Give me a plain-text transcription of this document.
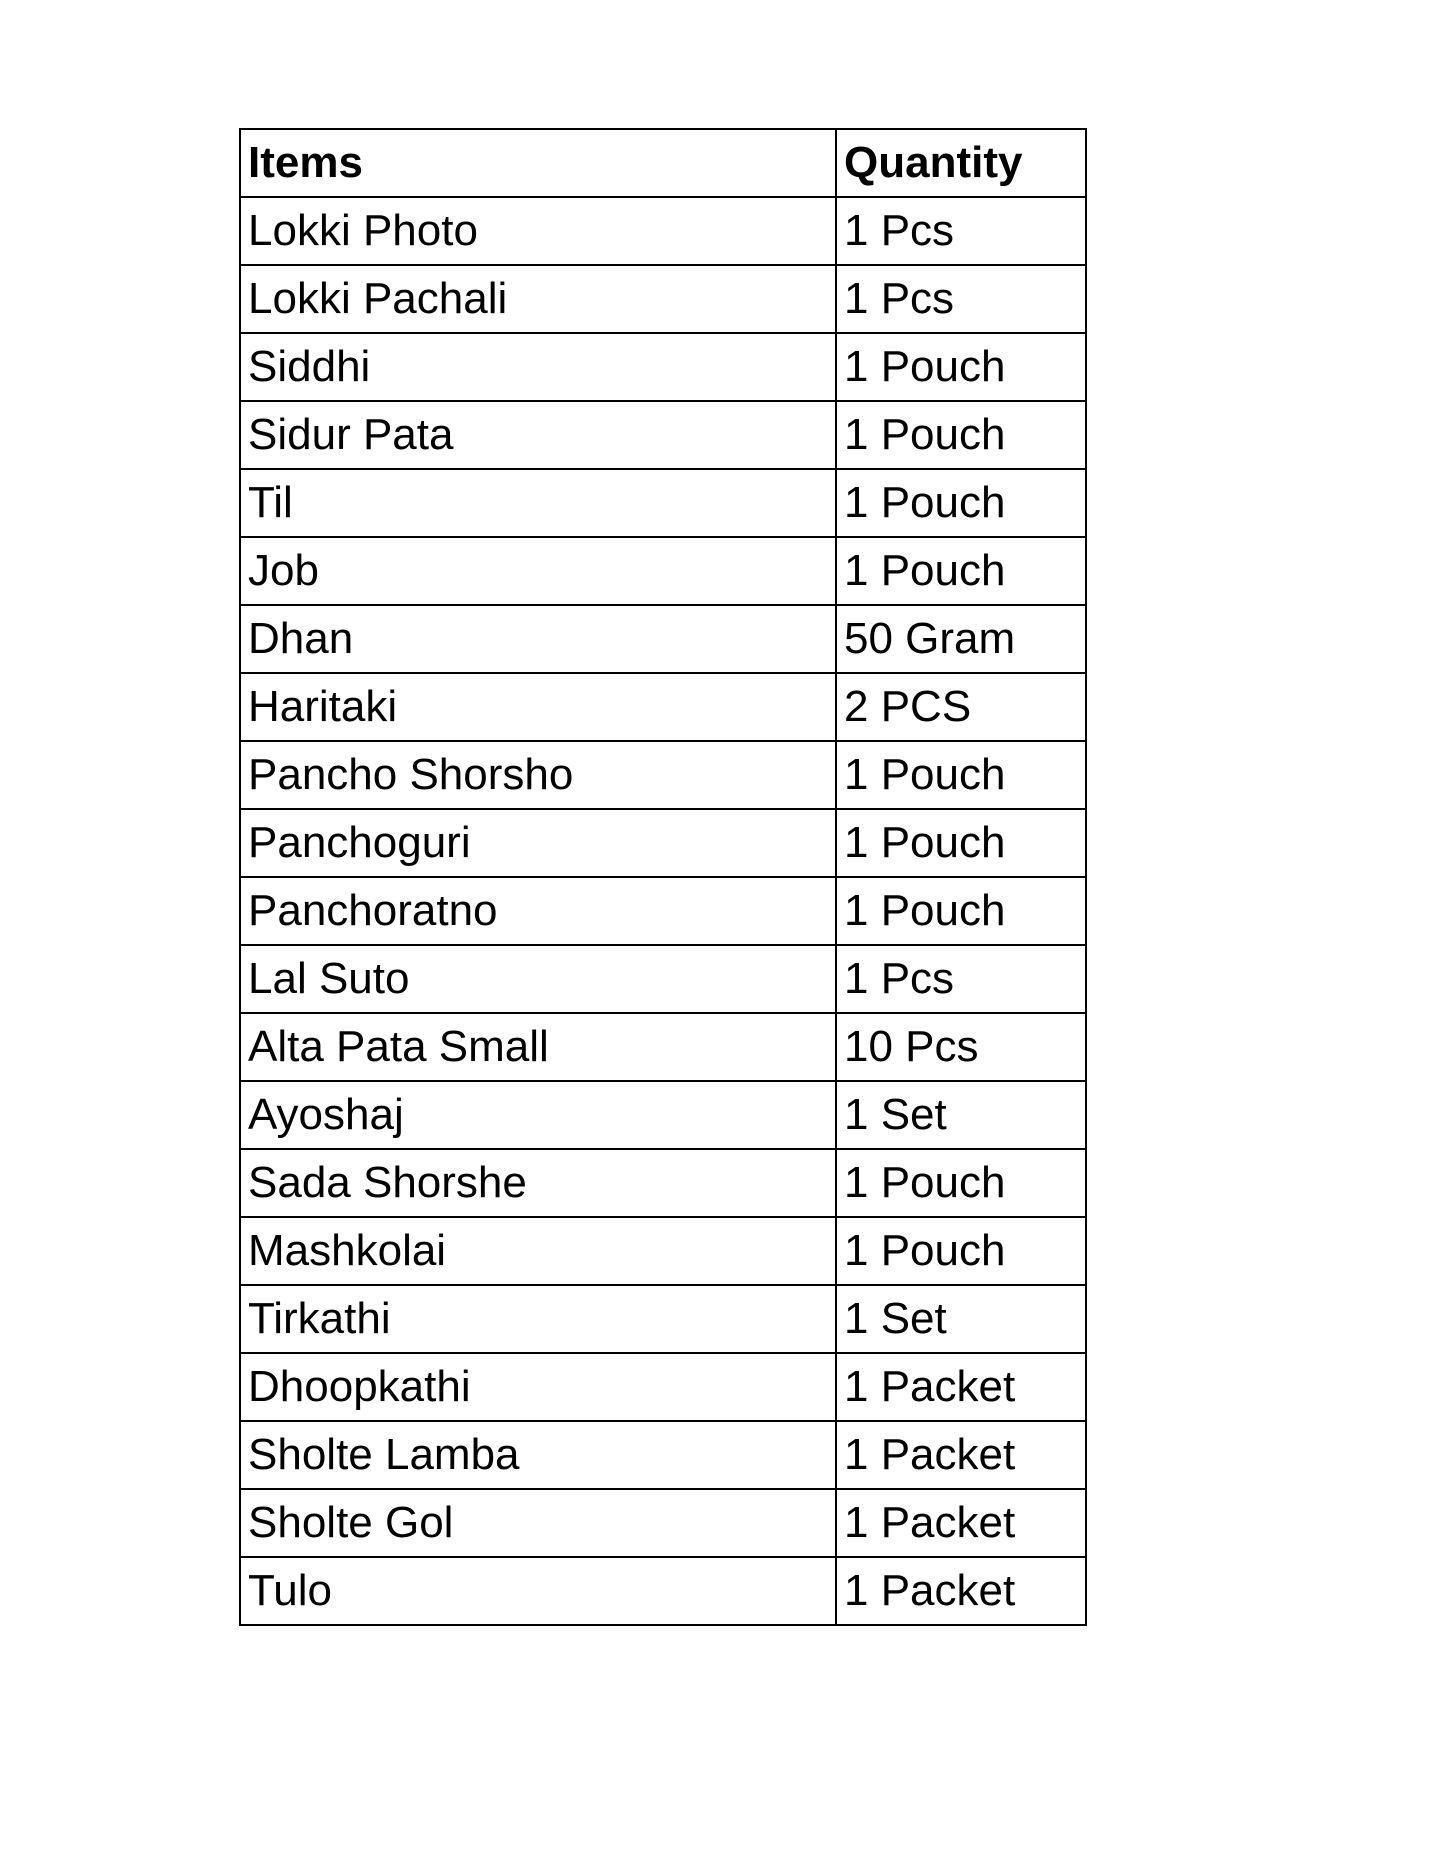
Items	Quantity
Lokki Photo	1 Pcs
Lokki Pachali	1 Pcs
Siddhi	1 Pouch
Sidur Pata	1 Pouch
Til	1 Pouch
Job	1 Pouch
Dhan	50 Gram
Haritaki	2 PCS
Pancho Shorsho	1 Pouch
Panchoguri	1 Pouch
Panchoratno	1 Pouch
Lal Suto	1 Pcs
Alta Pata Small	10 Pcs
Ayoshaj	1 Set
Sada Shorshe	1 Pouch
Mashkolai	1 Pouch
Tirkathi	1 Set
Dhoopkathi	1 Packet
Sholte Lamba	1 Packet
Sholte Gol	1 Packet
Tulo	1 Packet
